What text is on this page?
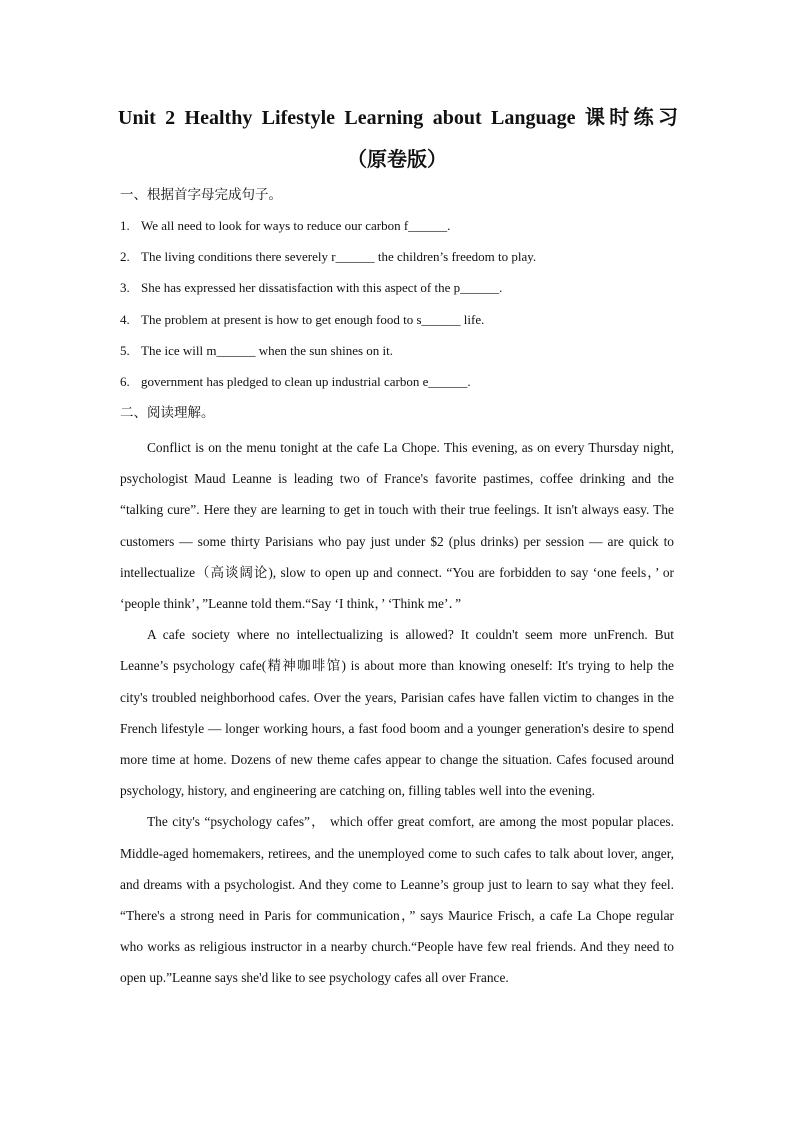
Unit 2 Healthy Lifestyle Learning about Language 课时练习
（原卷版）
一、根据首字母完成句子。
1. We all need to look for ways to reduce our carbon f______.
2. The living conditions there severely r______ the children’s freedom to play.
3. She has expressed her dissatisfaction with this aspect of the p______.
4. The problem at present is how to get enough food to s______ life.
5. The ice will m______ when the sun shines on it.
6. government has pledged to clean up industrial carbon e______.
二、阅读理解。

Conflict is on the menu tonight at the cafe La Chope. This evening, as on every Thursday night, psychologist Maud Leanne is leading two of France's favorite pastimes, coffee drinking and the “talking cure”. Here they are learning to get in touch with their true feelings. It isn't always easy. The customers — some thirty Parisians who pay just under $2 (plus drinks) per session — are quick to intellectualize（高谈阔论), slow to open up and connect. “You are forbidden to say ‘one feels，’ or ‘people think’，”Leanne told them.“Say ‘I think，’ ‘Think me’．”

A cafe society where no intellectualizing is allowed? It couldn't seem more unFrench. But Leanne’s psychology cafe(精神咖啡馆) is about more than knowing oneself: It's trying to help the city's troubled neighborhood cafes. Over the years, Parisian cafes have fallen victim to changes in the French lifestyle — longer working hours, a fast food boom and a younger generation's desire to spend more time at home. Dozens of new theme cafes appear to change the situation. Cafes focused around psychology, history, and engineering are catching on, filling tables well into the evening.

The city's “psychology cafes”， which offer great comfort, are among the most popular places. Middle-aged homemakers, retirees, and the unemployed come to such cafes to talk about lover, anger, and dreams with a psychologist. And they come to Leanne’s group just to learn to say what they feel. “There's a strong need in Paris for communication，” says Maurice Frisch, a cafe La Chope regular who works as religious instructor in a nearby church.“People have few real friends. And they need to open up.”Leanne says she'd like to see psychology cafes all over France.
